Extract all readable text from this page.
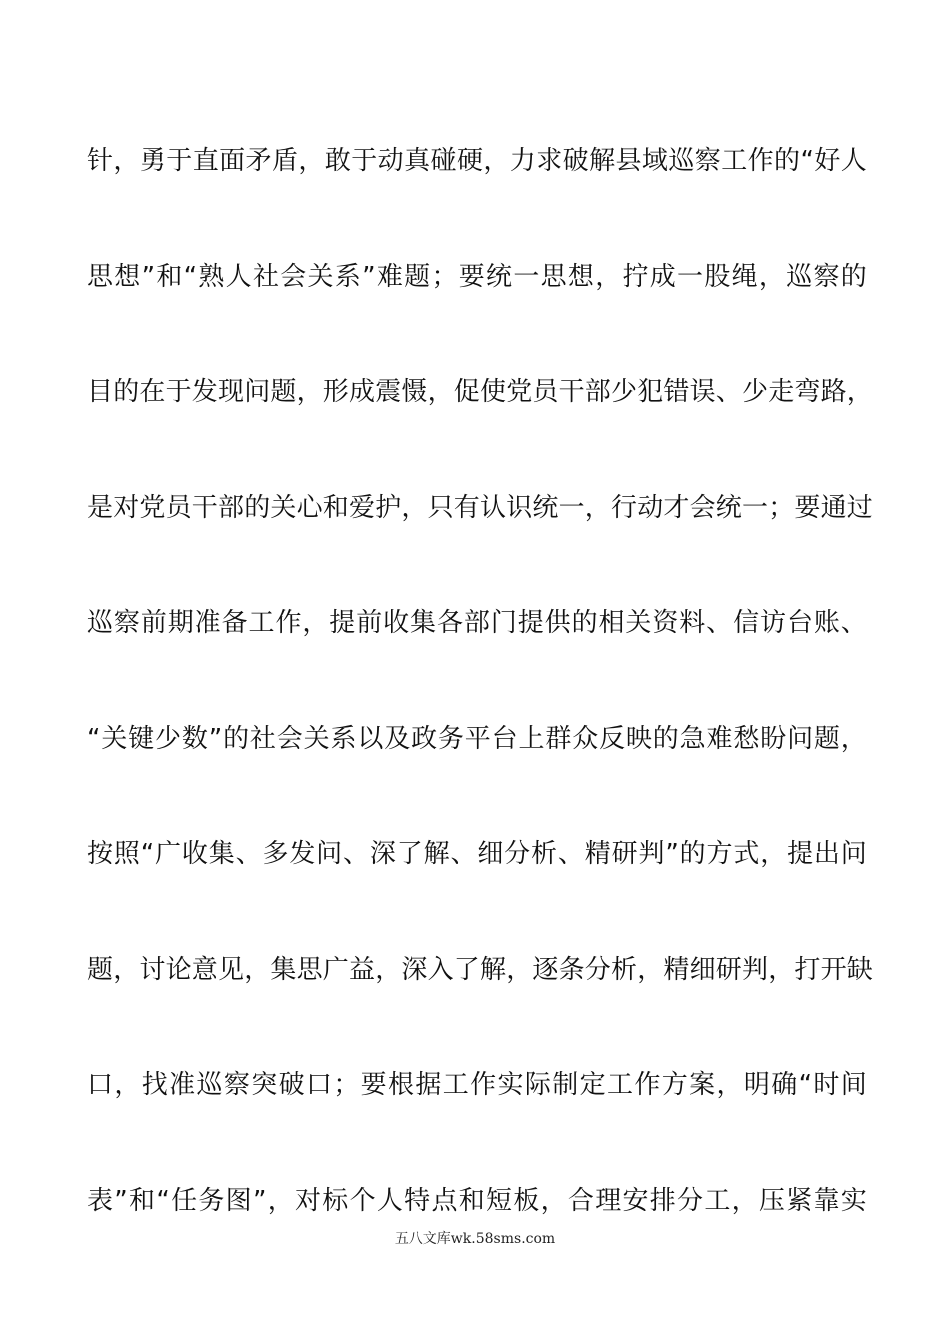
针，勇于直面矛盾，敢于动真碰硬，力求破解县域巡察工作的“好人
思想”和“熟人社会关系”难题；要统一思想，拧成一股绳，巡察的
目的在于发现问题，形成震慑，促使党员干部少犯错误、少走弯路，
是对党员干部的关心和爱护，只有认识统一，行动才会统一；要通过
巡察前期准备工作，提前收集各部门提供的相关资料、信访台账、
“关键少数”的社会关系以及政务平台上群众反映的急难愁盼问题，
按照“广收集、多发问、深了解、细分析、精研判”的方式，提出问
题，讨论意见，集思广益，深入了解，逐条分析，精细研判，打开缺
口，找准巡察突破口；要根据工作实际制定工作方案，明确“时间
表”和“任务图”，对标个人特点和短板，合理安排分工，压紧靠实
五八文库wk.58sms.com
